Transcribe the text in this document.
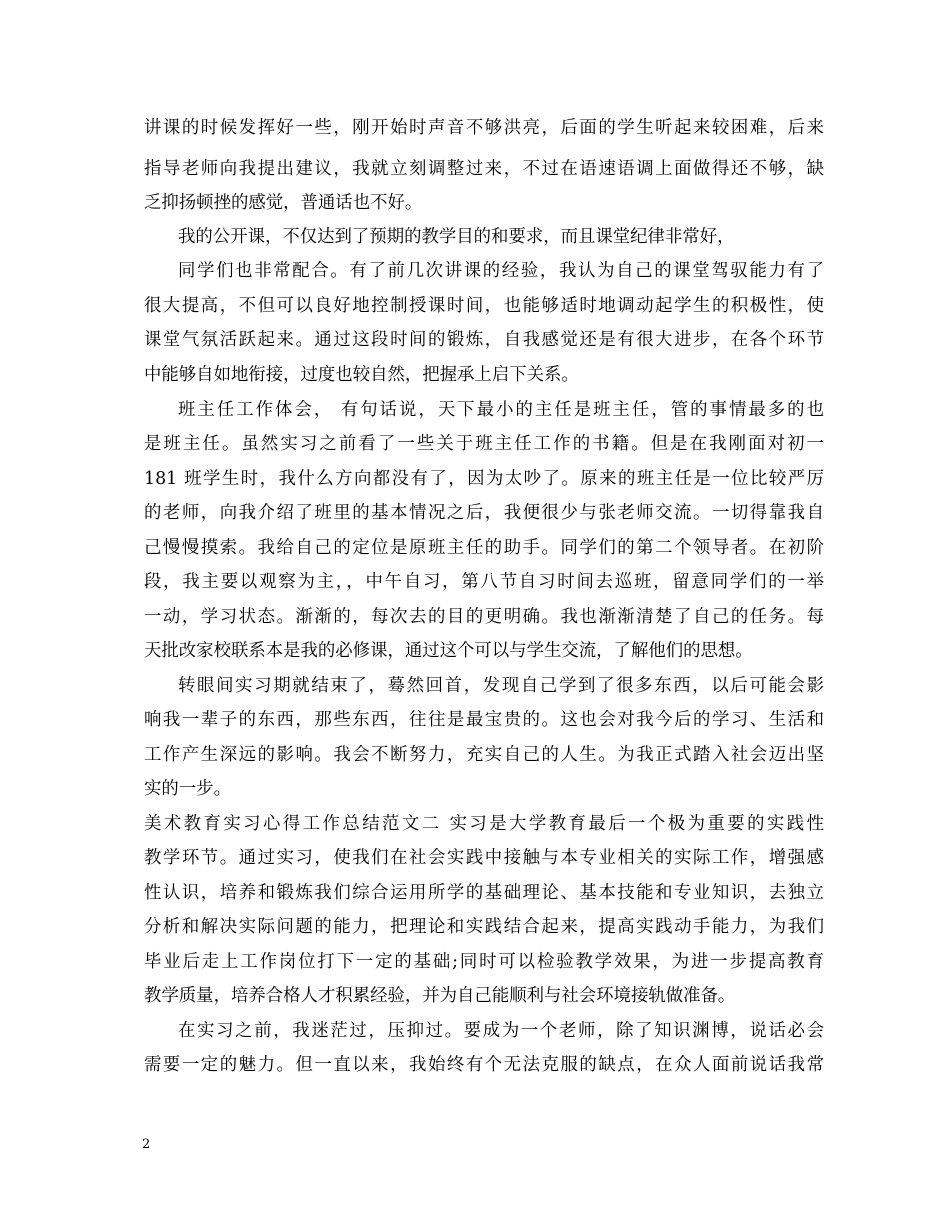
讲课的时候发挥好一些，刚开始时声音不够洪亮，后面的学生听起来较困难，后来
指导老师向我提出建议，我就立刻调整过来，不过在语速语调上面做得还不够，缺
乏抑扬顿挫的感觉，普通话也不好。
我的公开课，不仅达到了预期的教学目的和要求，而且课堂纪律非常好，
同学们也非常配合。有了前几次讲课的经验，我认为自己的课堂驾驭能力有了
很大提高，不但可以良好地控制授课时间，也能够适时地调动起学生的积极性，使
课堂气氛活跃起来。通过这段时间的锻炼，自我感觉还是有很大进步，在各个环节
中能够自如地衔接，过度也较自然，把握承上启下关系。
班主任工作体会， 有句话说，天下最小的主任是班主任，管的事情最多的也
是班主任。虽然实习之前看了一些关于班主任工作的书籍。但是在我刚面对初一
181 班学生时，我什么方向都没有了，因为太吵了。原来的班主任是一位比较严厉
的老师，向我介绍了班里的基本情况之后，我便很少与张老师交流。一切得靠我自
己慢慢摸索。我给自己的定位是原班主任的助手。同学们的第二个领导者。在初阶
段，我主要以观察为主，，中午自习，第八节自习时间去巡班，留意同学们的一举
一动，学习状态。渐渐的，每次去的目的更明确。我也渐渐清楚了自己的任务。每
天批改家校联系本是我的必修课，通过这个可以与学生交流，了解他们的思想。
转眼间实习期就结束了，蓦然回首，发现自己学到了很多东西，以后可能会影
响我一辈子的东西，那些东西，往往是最宝贵的。这也会对我今后的学习、生活和
工作产生深远的影响。我会不断努力，充实自己的人生。为我正式踏入社会迈出坚
实的一步。
美术教育实习心得工作总结范文二 实习是大学教育最后一个极为重要的实践性
教学环节。通过实习，使我们在社会实践中接触与本专业相关的实际工作，增强感
性认识，培养和锻炼我们综合运用所学的基础理论、基本技能和专业知识，去独立
分析和解决实际问题的能力，把理论和实践结合起来，提高实践动手能力，为我们
毕业后走上工作岗位打下一定的基础;同时可以检验教学效果，为进一步提高教育
教学质量，培养合格人才积累经验，并为自己能顺利与社会环境接轨做准备。
在实习之前，我迷茫过，压抑过。要成为一个老师，除了知识渊博，说话必会
需要一定的魅力。但一直以来，我始终有个无法克服的缺点，在众人面前说话我常
2
